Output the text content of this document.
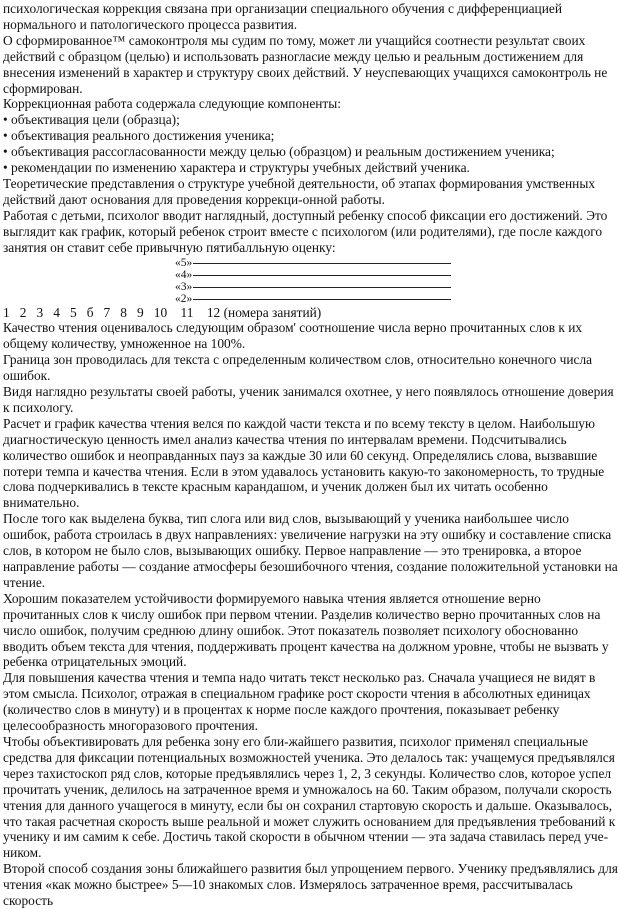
психологическая коррекция связана при организации специального обучения с дифференциацией нормального и патологического процесса развития.

О сформированное™ самоконтроля мы судим по тому, может ли учащийся соотнести результат своих действий с образцом (целью) и использовать разногласие между целью и реальным достижением для внесения изменений в характер и структуру своих действий. У неуспевающих учащихся самоконтроль не сформирован.

Коррекционная работа содержала следующие компоненты:

• объективация цели (образца);

• объективация реального достижения ученика;

• объективация рассогласованности между целью (образцом) и реальным достижением ученика;

• рекомендации по изменению характера и структуры учебных действий ученика.

Теоретические представления о структуре учебной деятельности, об этапах формирования умственных действий дают основания для проведения коррекци-онной работы.

Работая с детьми, психолог вводит наглядный, доступный ребенку способ фиксации его достижений. Это выглядит как график, который ребенок строит вместе с психологом (или родителями), где после каждого занятия он ставит себе привычную пятибалльную оценку:

«5»
«4»
«3»
«2»

1   2   3   4   5   б   7   8   9   10    11    12 (номера занятий)

Качество чтения оценивалось следующим образом' соотношение числа верно прочитанных слов к их общему количеству, умноженное на 100%.

Граница зон проводилась для текста с определенным количеством слов, относительно конечного числа ошибок.

Видя наглядно результаты своей работы, ученик занимался охотнее, у него появлялось отношение доверия к психологу.

Расчет и график качества чтения велся по каждой части текста и по всему тексту в целом. Наибольшую диагностическую ценность имел анализ качества чтения по интервалам времени. Подсчитывались количество ошибок и неоправданных пауз за каждые 30 или 60 секунд. Определялись слова, вызвавшие потери темпа и качества чтения. Если в этом удавалось установить какую-то закономерность, то трудные слова подчеркивались в тексте красным карандашом, и ученик должен был их читать особенно внимательно.

После того как выделена буква, тип слога или вид слов, вызывающий у ученика наибольшее число ошибок, работа строилась в двух направлениях: увеличение нагрузки на эту ошибку и составление списка слов, в котором не было слов, вызывающих ошибку. Первое направление — это тренировка, а второе направление работы — создание атмосферы безошибочного чтения, создание положительной установки на чтение.

Хорошим показателем устойчивости формируемого навыка чтения является отношение верно прочитанных слов к числу ошибок при первом чтении. Разделив количество верно прочитанных слов на число ошибок, получим среднюю длину ошибок. Этот показатель позволяет психологу обоснованно вводить объем текста для чтения, поддерживать процент качества на должном уровне, чтобы не вызвать у ребенка отрицательных эмоций.

Для повышения качества чтения и темпа надо читать текст несколько раз. Сначала учащиеся не видят в этом смысла. Психолог, отражая в специальном графике рост скорости чтения в абсолютных единицах (количество слов в минуту) и в процентах к норме после каждого прочтения, показывает ребенку целесообразность многоразового прочтения.

Чтобы объективировать для ребенка зону его бли-жайшего развития, психолог применял специальные средства для фиксации потенциальных возможностей ученика. Это делалось так: учащемуся предъявлялся через тахистоскоп ряд слов, которые предъявлялись через 1, 2, 3 секунды. Количество слов, которое успел прочитать ученик, делилось на затраченное время и умножалось на 60. Таким образом, получали скорость чтения для данного учащегося в минуту, если бы он сохранил стартовую скорость и дальше. Оказывалось, что такая расчетная скорость выше реальной и может служить основанием для предъявления требований к ученику и им самим к себе. Достичь такой скорости в обычном чтении — эта задача ставилась перед уче-ником.

Второй способ создания зоны ближайшего развития был упрощением первого. Ученику предъявлялись для чтения «как можно быстрее» 5—10 знакомых слов. Измерялось затраченное время, рассчитывалась скорость
